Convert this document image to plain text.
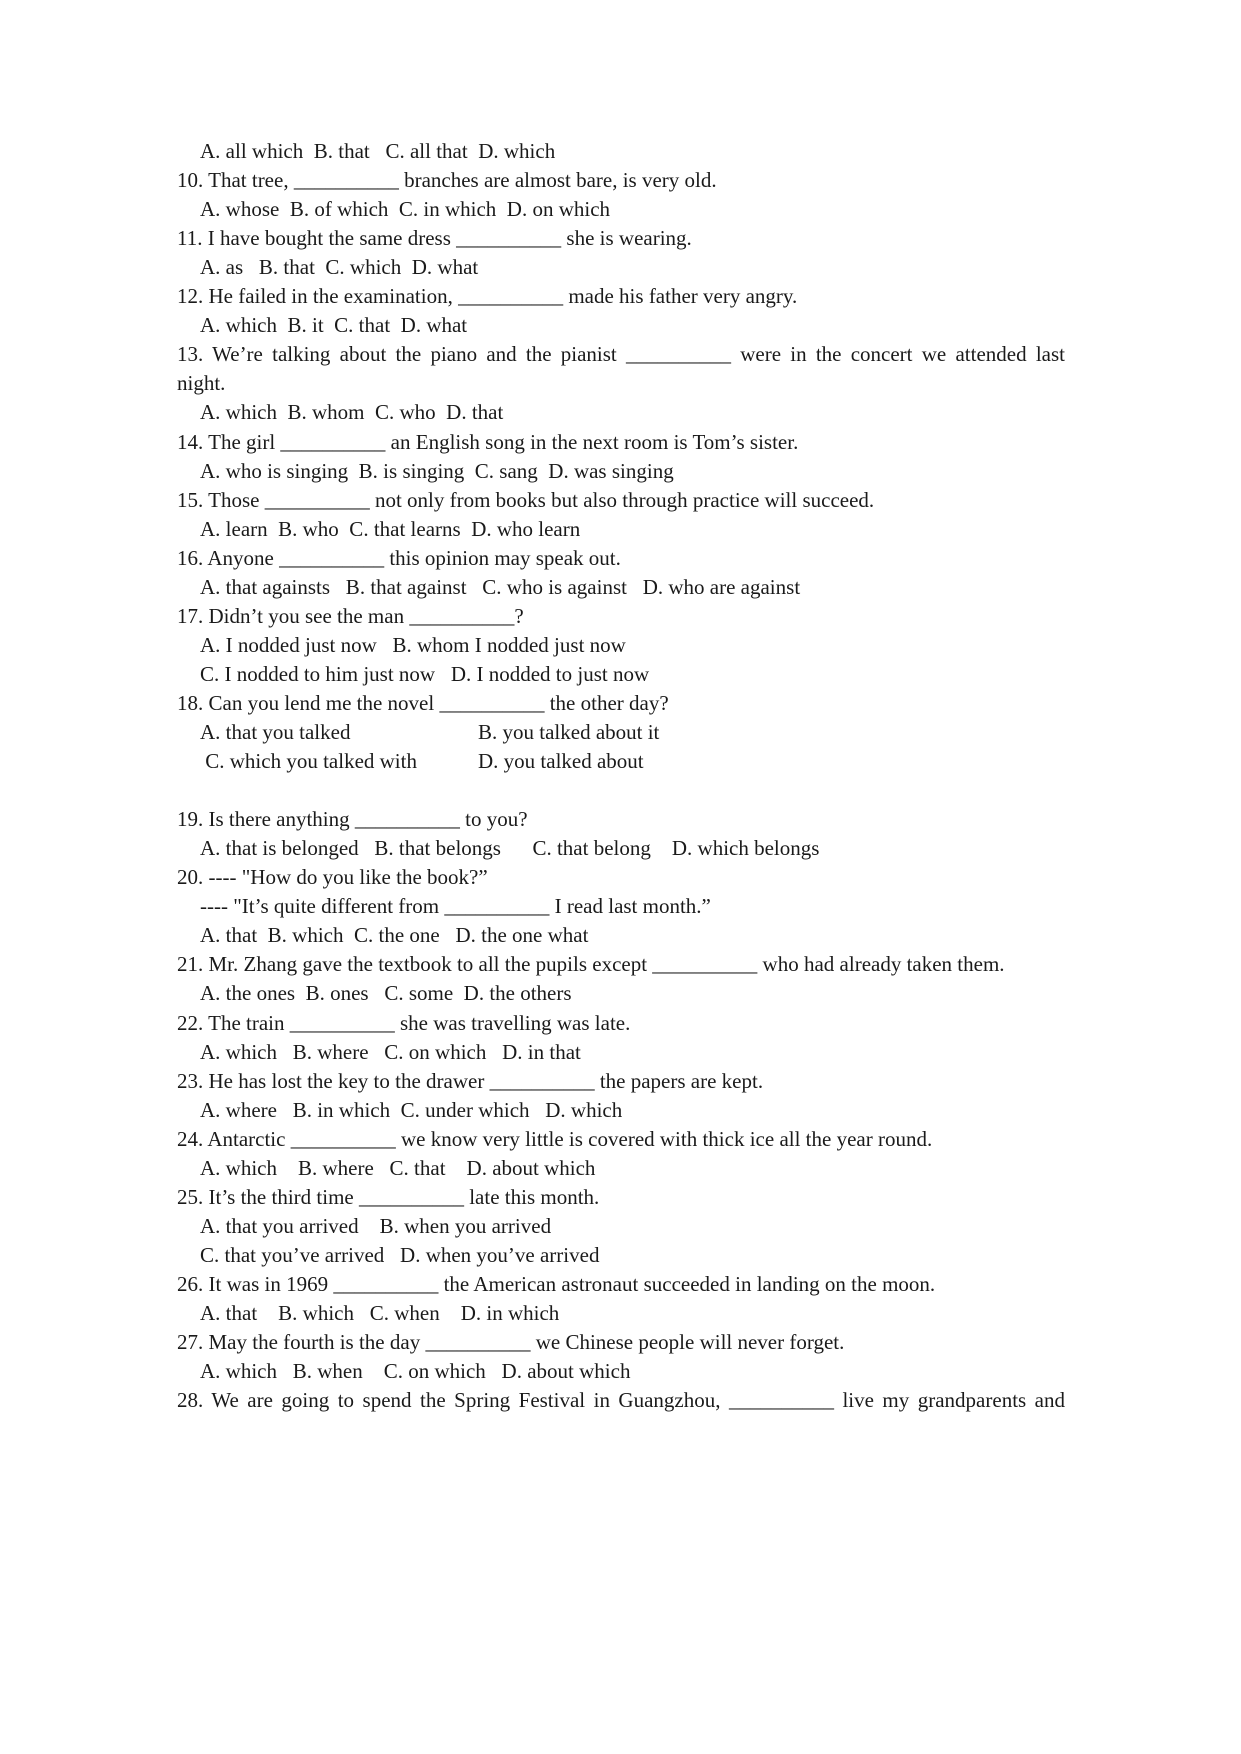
A. all which  B. that   C. all that  D. which
10. That tree, __________ branches are almost bare, is very old.
A. whose  B. of which  C. in which  D. on which
11. I have bought the same dress __________ she is wearing.
A. as   B. that  C. which  D. what
12. He failed in the examination, __________ made his father very angry.
A. which  B. it  C. that  D. what
13. We’re talking about the piano and the pianist __________ were in the concert we attended last
night.
A. which  B. whom  C. who  D. that
14. The girl __________ an English song in the next room is Tom’s sister.
A. who is singing  B. is singing  C. sang  D. was singing
15. Those __________ not only from books but also through practice will succeed.
A. learn  B. who  C. that learns  D. who learn
16. Anyone __________ this opinion may speak out.
A. that againsts   B. that against   C. who is against   D. who are against
17. Didn’t you see the man __________?
A. I nodded just now   B. whom I nodded just now
C. I nodded to him just now   D. I nodded to just now
18. Can you lend me the novel __________ the other day?
A. that you talked	B. you talked about it
C. which you talked with	D. you talked about
19. Is there anything __________ to you?
A. that is belonged   B. that belongs      C. that belong    D. which belongs
20. ---- "How do you like the book?”
---- "It’s quite different from __________ I read last month.”
A. that  B. which  C. the one   D. the one what
21. Mr. Zhang gave the textbook to all the pupils except __________ who had already taken them.
A. the ones  B. ones   C. some  D. the others
22. The train __________ she was travelling was late.
A. which   B. where   C. on which   D. in that
23. He has lost the key to the drawer __________ the papers are kept.
A. where   B. in which  C. under which   D. which
24. Antarctic __________ we know very little is covered with thick ice all the year round.
A. which    B. where   C. that    D. about which
25. It’s the third time __________ late this month.
A. that you arrived    B. when you arrived
C. that you’ve arrived   D. when you’ve arrived
26. It was in 1969 __________ the American astronaut succeeded in landing on the moon.
A. that    B. which   C. when    D. in which
27. May the fourth is the day __________ we Chinese people will never forget.
A. which   B. when    C. on which   D. about which
28. We are going to spend the Spring Festival in Guangzhou, __________ live my grandparents and
